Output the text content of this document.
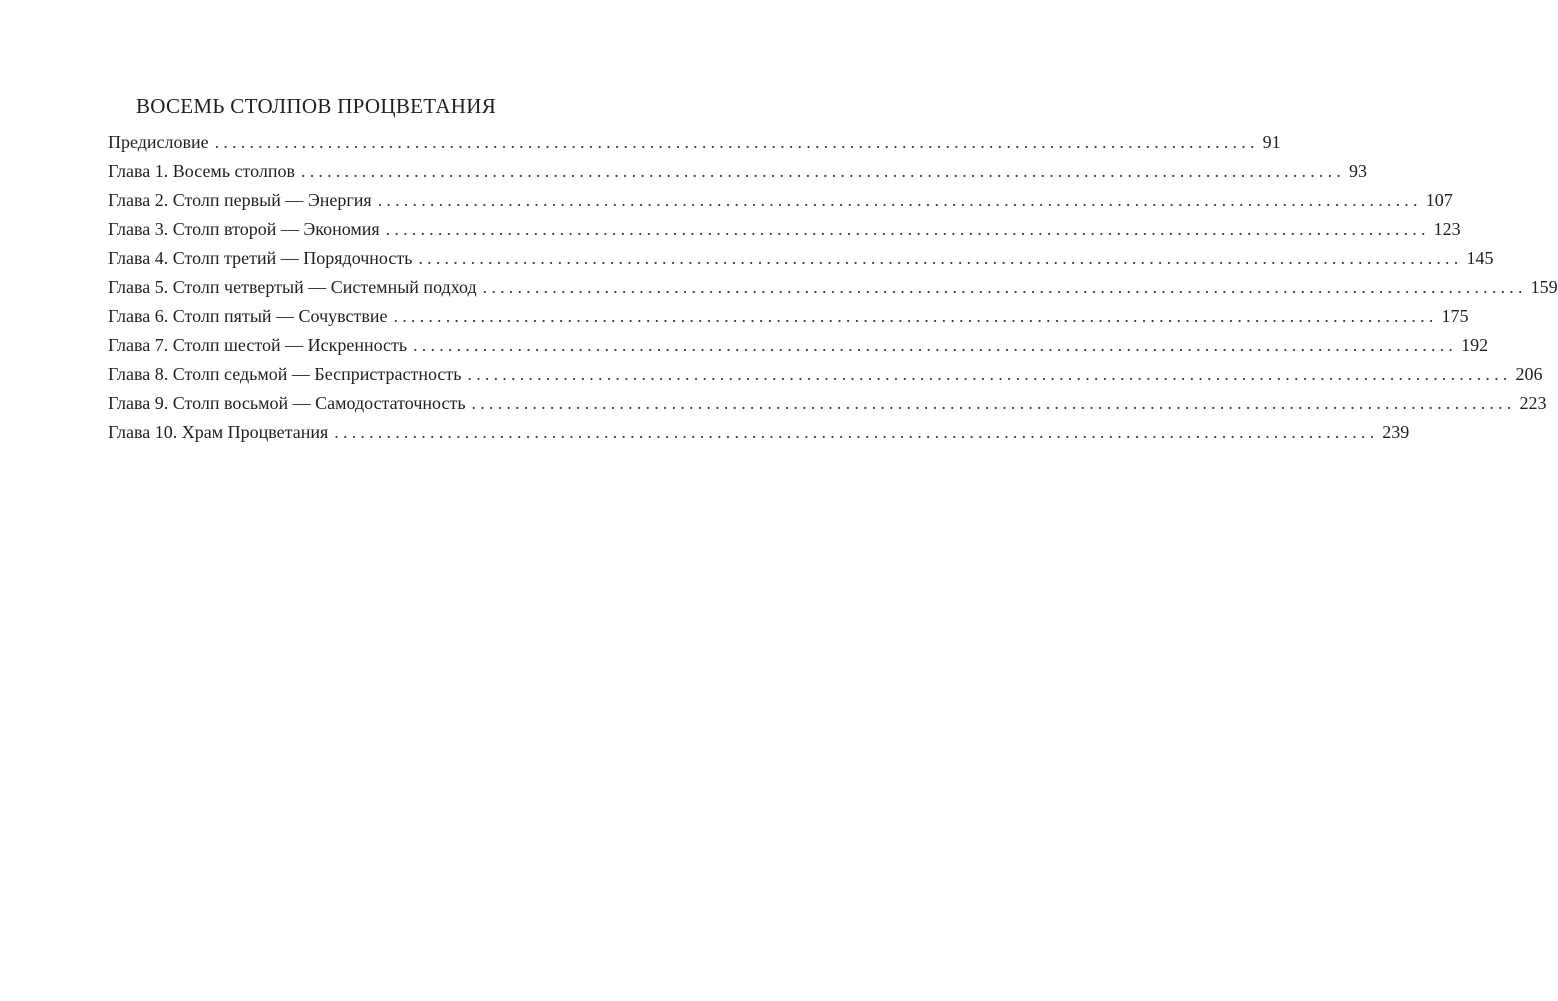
ВОСЕМЬ СТОЛПОВ ПРОЦВЕТАНИЯ
Предисловие ........................................................................................................................ 91
Глава 1. Восемь столпов ........................................................................................................................ 93
Глава 2. Столп первый — Энергия ........................................................................................................................ 107
Глава 3. Столп второй — Экономия ........................................................................................................................ 123
Глава 4. Столп третий — Порядочность ........................................................................................................................ 145
Глава 5. Столп четвертый — Системный подход ........................................................................................................................ 159
Глава 6. Столп пятый — Сочувствие ........................................................................................................................ 175
Глава 7. Столп шестой — Искренность ........................................................................................................................ 192
Глава 8. Столп седьмой — Беспристрастность ........................................................................................................................ 206
Глава 9. Столп восьмой — Самодостаточность ........................................................................................................................ 223
Глава 10. Храм Процветания ........................................................................................................................ 239
